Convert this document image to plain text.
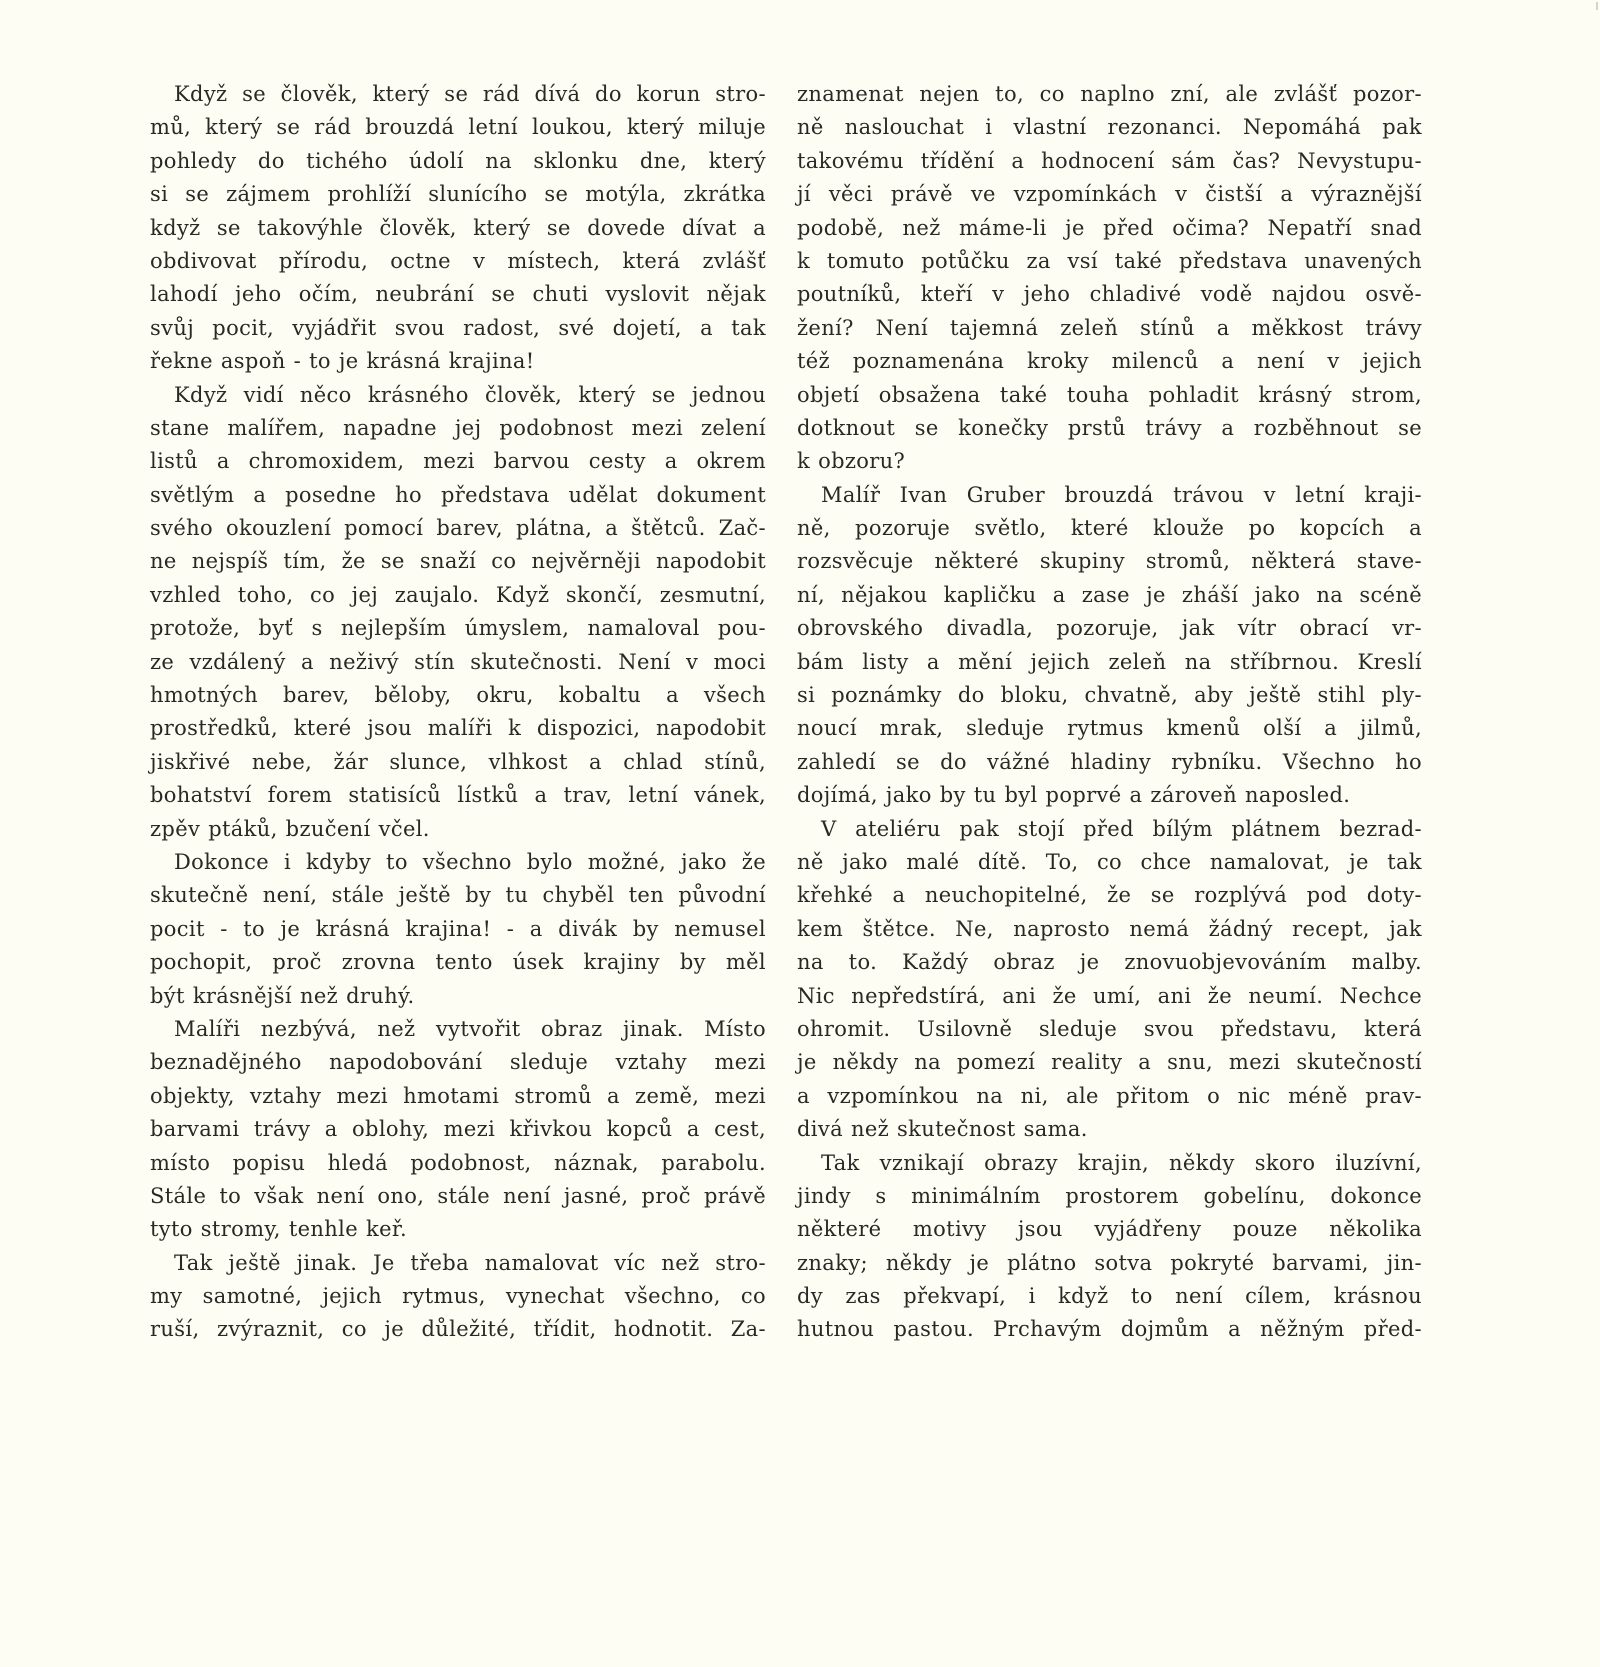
Když se člověk, který se rád dívá do korun stro-
mů, který se rád brouzdá letní loukou, který miluje
pohledy do tichého údolí na sklonku dne, který
si se zájmem prohlíží slunícího se motýla, zkrátka
když se takovýhle člověk, který se dovede dívat a
obdivovat přírodu, octne v místech, která zvlášť
lahodí jeho očím, neubrání se chuti vyslovit nějak
svůj pocit, vyjádřit svou radost, své dojetí, a tak
řekne aspoň - to je krásná krajina!
Když vidí něco krásného člověk, který se jednou
stane malířem, napadne jej podobnost mezi zelení
listů a chromoxidem, mezi barvou cesty a okrem
světlým a posedne ho představa udělat dokument
svého okouzlení pomocí barev, plátna, a štětců. Zač-
ne nejspíš tím, že se snaží co nejvěrněji napodobit
vzhled toho, co jej zaujalo. Když skončí, zesmutní,
protože, byť s nejlepším úmyslem, namaloval pou-
ze vzdálený a neživý stín skutečnosti. Není v moci
hmotných barev, běloby, okru, kobaltu a všech
prostředků, které jsou malíři k dispozici, napodobit
jiskřivé nebe, žár slunce, vlhkost a chlad stínů,
bohatství forem statisíců lístků a trav, letní vánek,
zpěv ptáků, bzučení včel.
Dokonce i kdyby to všechno bylo možné, jako že
skutečně není, stále ještě by tu chyběl ten původní
pocit - to je krásná krajina! - a divák by nemusel
pochopit, proč zrovna tento úsek krajiny by měl
být krásnější než druhý.
Malíři nezbývá, než vytvořit obraz jinak. Místo
beznadějného napodobování sleduje vztahy mezi
objekty, vztahy mezi hmotami stromů a země, mezi
barvami trávy a oblohy, mezi křivkou kopců a cest,
místo popisu hledá podobnost, náznak, parabolu.
Stále to však není ono, stále není jasné, proč právě
tyto stromy, tenhle keř.
Tak ještě jinak. Je třeba namalovat víc než stro-
my samotné, jejich rytmus, vynechat všechno, co
ruší, zvýraznit, co je důležité, třídit, hodnotit. Za-
znamenat nejen to, co naplno zní, ale zvlášť pozor-
ně naslouchat i vlastní rezonanci. Nepomáhá pak
takovému třídění a hodnocení sám čas? Nevystupu-
jí věci právě ve vzpomínkách v čistší a výraznější
podobě, než máme-li je před očima? Nepatří snad
k tomuto potůčku za vsí také představa unavených
poutníků, kteří v jeho chladivé vodě najdou osvě-
žení? Není tajemná zeleň stínů a měkkost trávy
též poznamenána kroky milenců a není v jejich
objetí obsažena také touha pohladit krásný strom,
dotknout se konečky prstů trávy a rozběhnout se
k obzoru?
Malíř Ivan Gruber brouzdá trávou v letní kraji-
ně, pozoruje světlo, které klouže po kopcích a
rozsvěcuje některé skupiny stromů, některá stave-
ní, nějakou kapličku a zase je zháší jako na scéně
obrovského divadla, pozoruje, jak vítr obrací vr-
bám listy a mění jejich zeleň na stříbrnou. Kreslí
si poznámky do bloku, chvatně, aby ještě stihl ply-
noucí mrak, sleduje rytmus kmenů olší a jilmů,
zahledí se do vážné hladiny rybníku. Všechno ho
dojímá, jako by tu byl poprvé a zároveň naposled.
V ateliéru pak stojí před bílým plátnem bezrad-
ně jako malé dítě. To, co chce namalovat, je tak
křehké a neuchopitelné, že se rozplývá pod doty-
kem štětce. Ne, naprosto nemá žádný recept, jak
na to. Každý obraz je znovuobjevováním malby.
Nic nepředstírá, ani že umí, ani že neumí. Nechce
ohromit. Usilovně sleduje svou představu, která
je někdy na pomezí reality a snu, mezi skutečností
a vzpomínkou na ni, ale přitom o nic méně prav-
divá než skutečnost sama.
Tak vznikají obrazy krajin, někdy skoro iluzívní,
jindy s minimálním prostorem gobelínu, dokonce
některé motivy jsou vyjádřeny pouze několika
znaky; někdy je plátno sotva pokryté barvami, jin-
dy zas překvapí, i když to není cílem, krásnou
hutnou pastou. Prchavým dojmům a něžným před-
